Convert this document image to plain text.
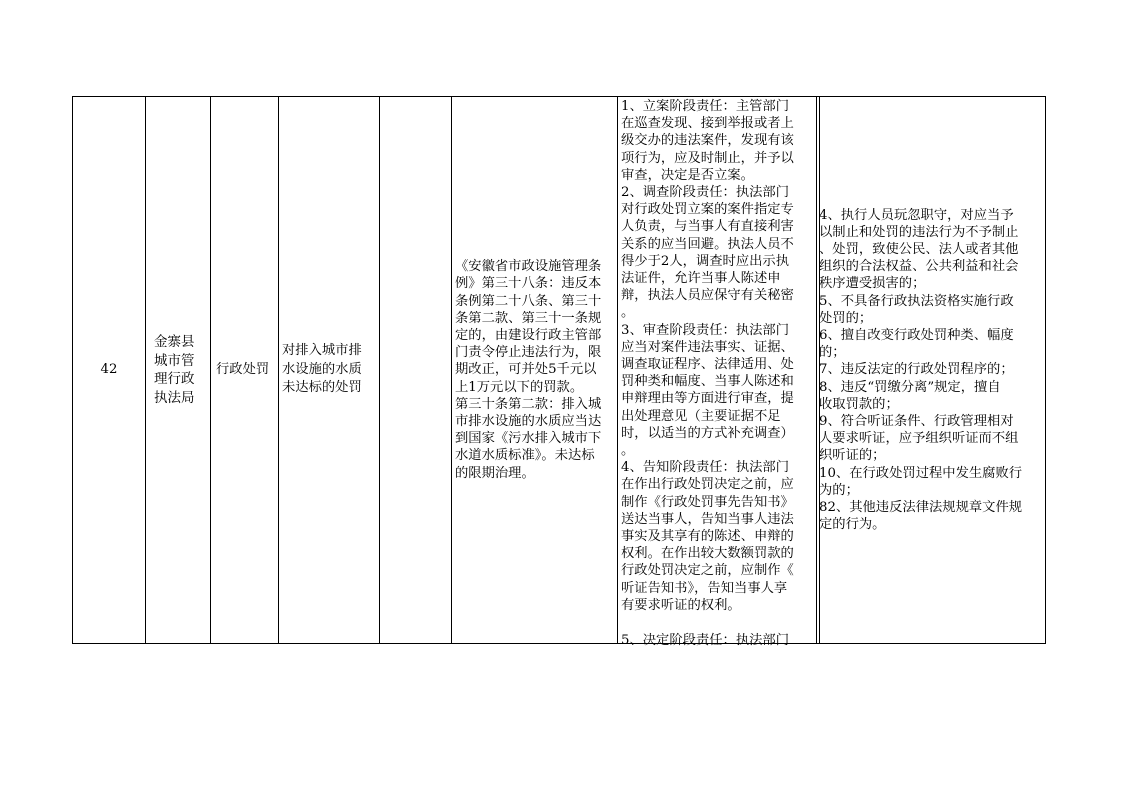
42
金寨县
城市管
理行政
执法局
行政处罚
对排入城市排
水设施的水质
未达标的处罚
《安徽省市政设施管理条
例》第三十八条：违反本
条例第二十八条、第三十
条第二款、第三十一条规
定的，由建设行政主管部
门责令停止违法行为，限
期改正，可并处5千元以
上1万元以下的罚款。
第三十条第二款：排入城
市排水设施的水质应当达
到国家《污水排入城市下
水道水质标准》。未达标
的限期治理。
1、立案阶段责任：主管部门
在巡查发现、接到举报或者上
级交办的违法案件，发现有该
项行为，应及时制止，并予以
审查，决定是否立案。
2、调查阶段责任：执法部门
对行政处罚立案的案件指定专
人负责，与当事人有直接利害
关系的应当回避。执法人员不
得少于2人，调查时应出示执
法证件，允许当事人陈述申
辩，执法人员应保守有关秘密
。
3、审查阶段责任：执法部门
应当对案件违法事实、证据、
调查取证程序、法律适用、处
罚种类和幅度、当事人陈述和
申辩理由等方面进行审查，提
出处理意见（主要证据不足
时，以适当的方式补充调查）
。
4、告知阶段责任：执法部门
在作出行政处罚决定之前，应
制作《行政处罚事先告知书》
送达当事人，告知当事人违法
事实及其享有的陈述、申辩的
权利。在作出较大数额罚款的
行政处罚决定之前，应制作《
听证告知书》，告知当事人享
有要求听证的权利。
5、决定阶段责任：执法部门
4、执行人员玩忽职守，对应当予
以制止和处罚的违法行为不予制止
、处罚，致使公民、法人或者其他
组织的合法权益、公共利益和社会
秩序遭受损害的；
5、不具备行政执法资格实施行政
处罚的；
6、擅自改变行政处罚种类、幅度
的；
7、违反法定的行政处罚程序的；
8、违反“罚缴分离”规定，擅自
收取罚款的；
9、符合听证条件、行政管理相对
人要求听证，应予组织听证而不组
织听证的；
10、在行政处罚过程中发生腐败行
为的；
82、其他违反法律法规规章文件规
定的行为。
